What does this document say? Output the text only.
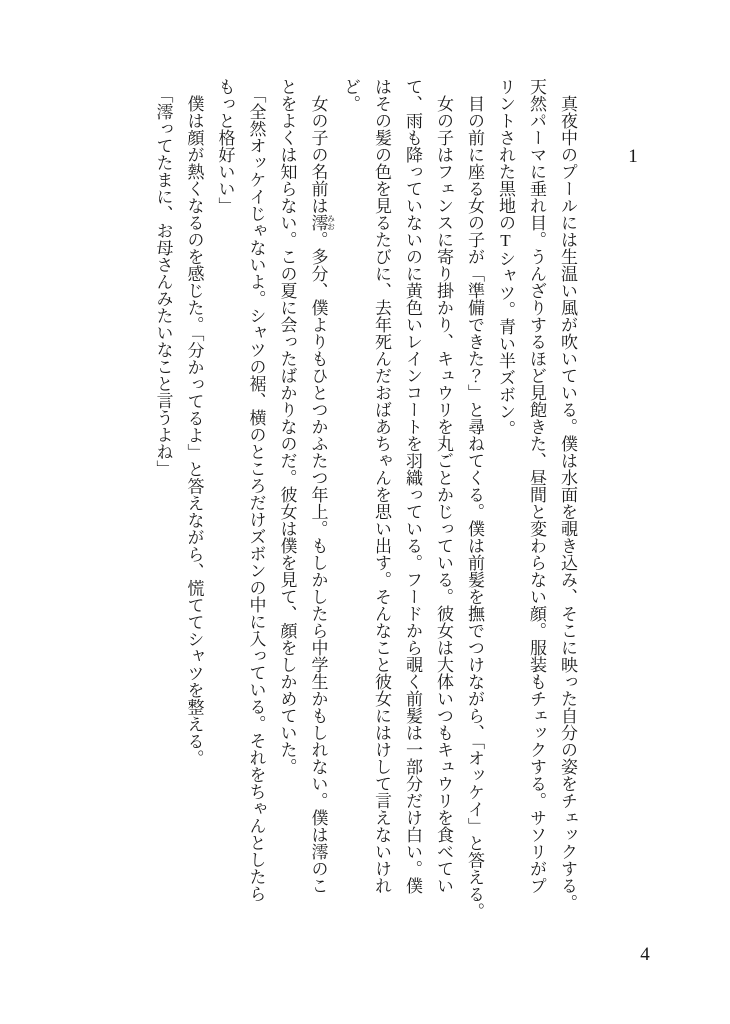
1

真夜中のプールには生温い風が吹いている。僕は水面を覗き込み、そこに映った自分の姿をチェックする。

天然パーマに垂れ目。うんざりするほど見飽きた、昼間と変わらない顔。服装もチェックする。サソリがプ

リントされた黒地のTシャツ。青い半ズボン。

目の前に座る女の子が「準備できた？」と尋ねてくる。僕は前髪を撫でつけながら、「オッケイ」と答える。

女の子はフェンスに寄り掛かり、キュウリを丸ごとかじっている。彼女は大体いつもキュウリを食べてい

て、雨も降っていないのに黄色いレインコートを羽織っている。フードから覗く前髪は一部分だけ白い。僕

はその髪の色を見るたびに、去年死んだおばあちゃんを思い出す。そんなこと彼女にはけして言えないけれ

ど。

女の子の名前は澪 みお。多分、僕よりもひとつかふたつ年上。もしかしたら中学生かもしれない。僕は澪のこ

とをよくは知らない。この夏に会ったばかりなのだ。彼女は僕を見て、顔をしかめていた。

「全然オッケイじゃないよ。シャツの裾、横のところだけズボンの中に入っている。それをちゃんとしたら

もっと格好いい」

僕は顔が熱くなるのを感じた。「分かってるよ」と答えながら、慌ててシャツを整える。

「澪ってたまに、お母さんみたいなこと言うよね」

4
